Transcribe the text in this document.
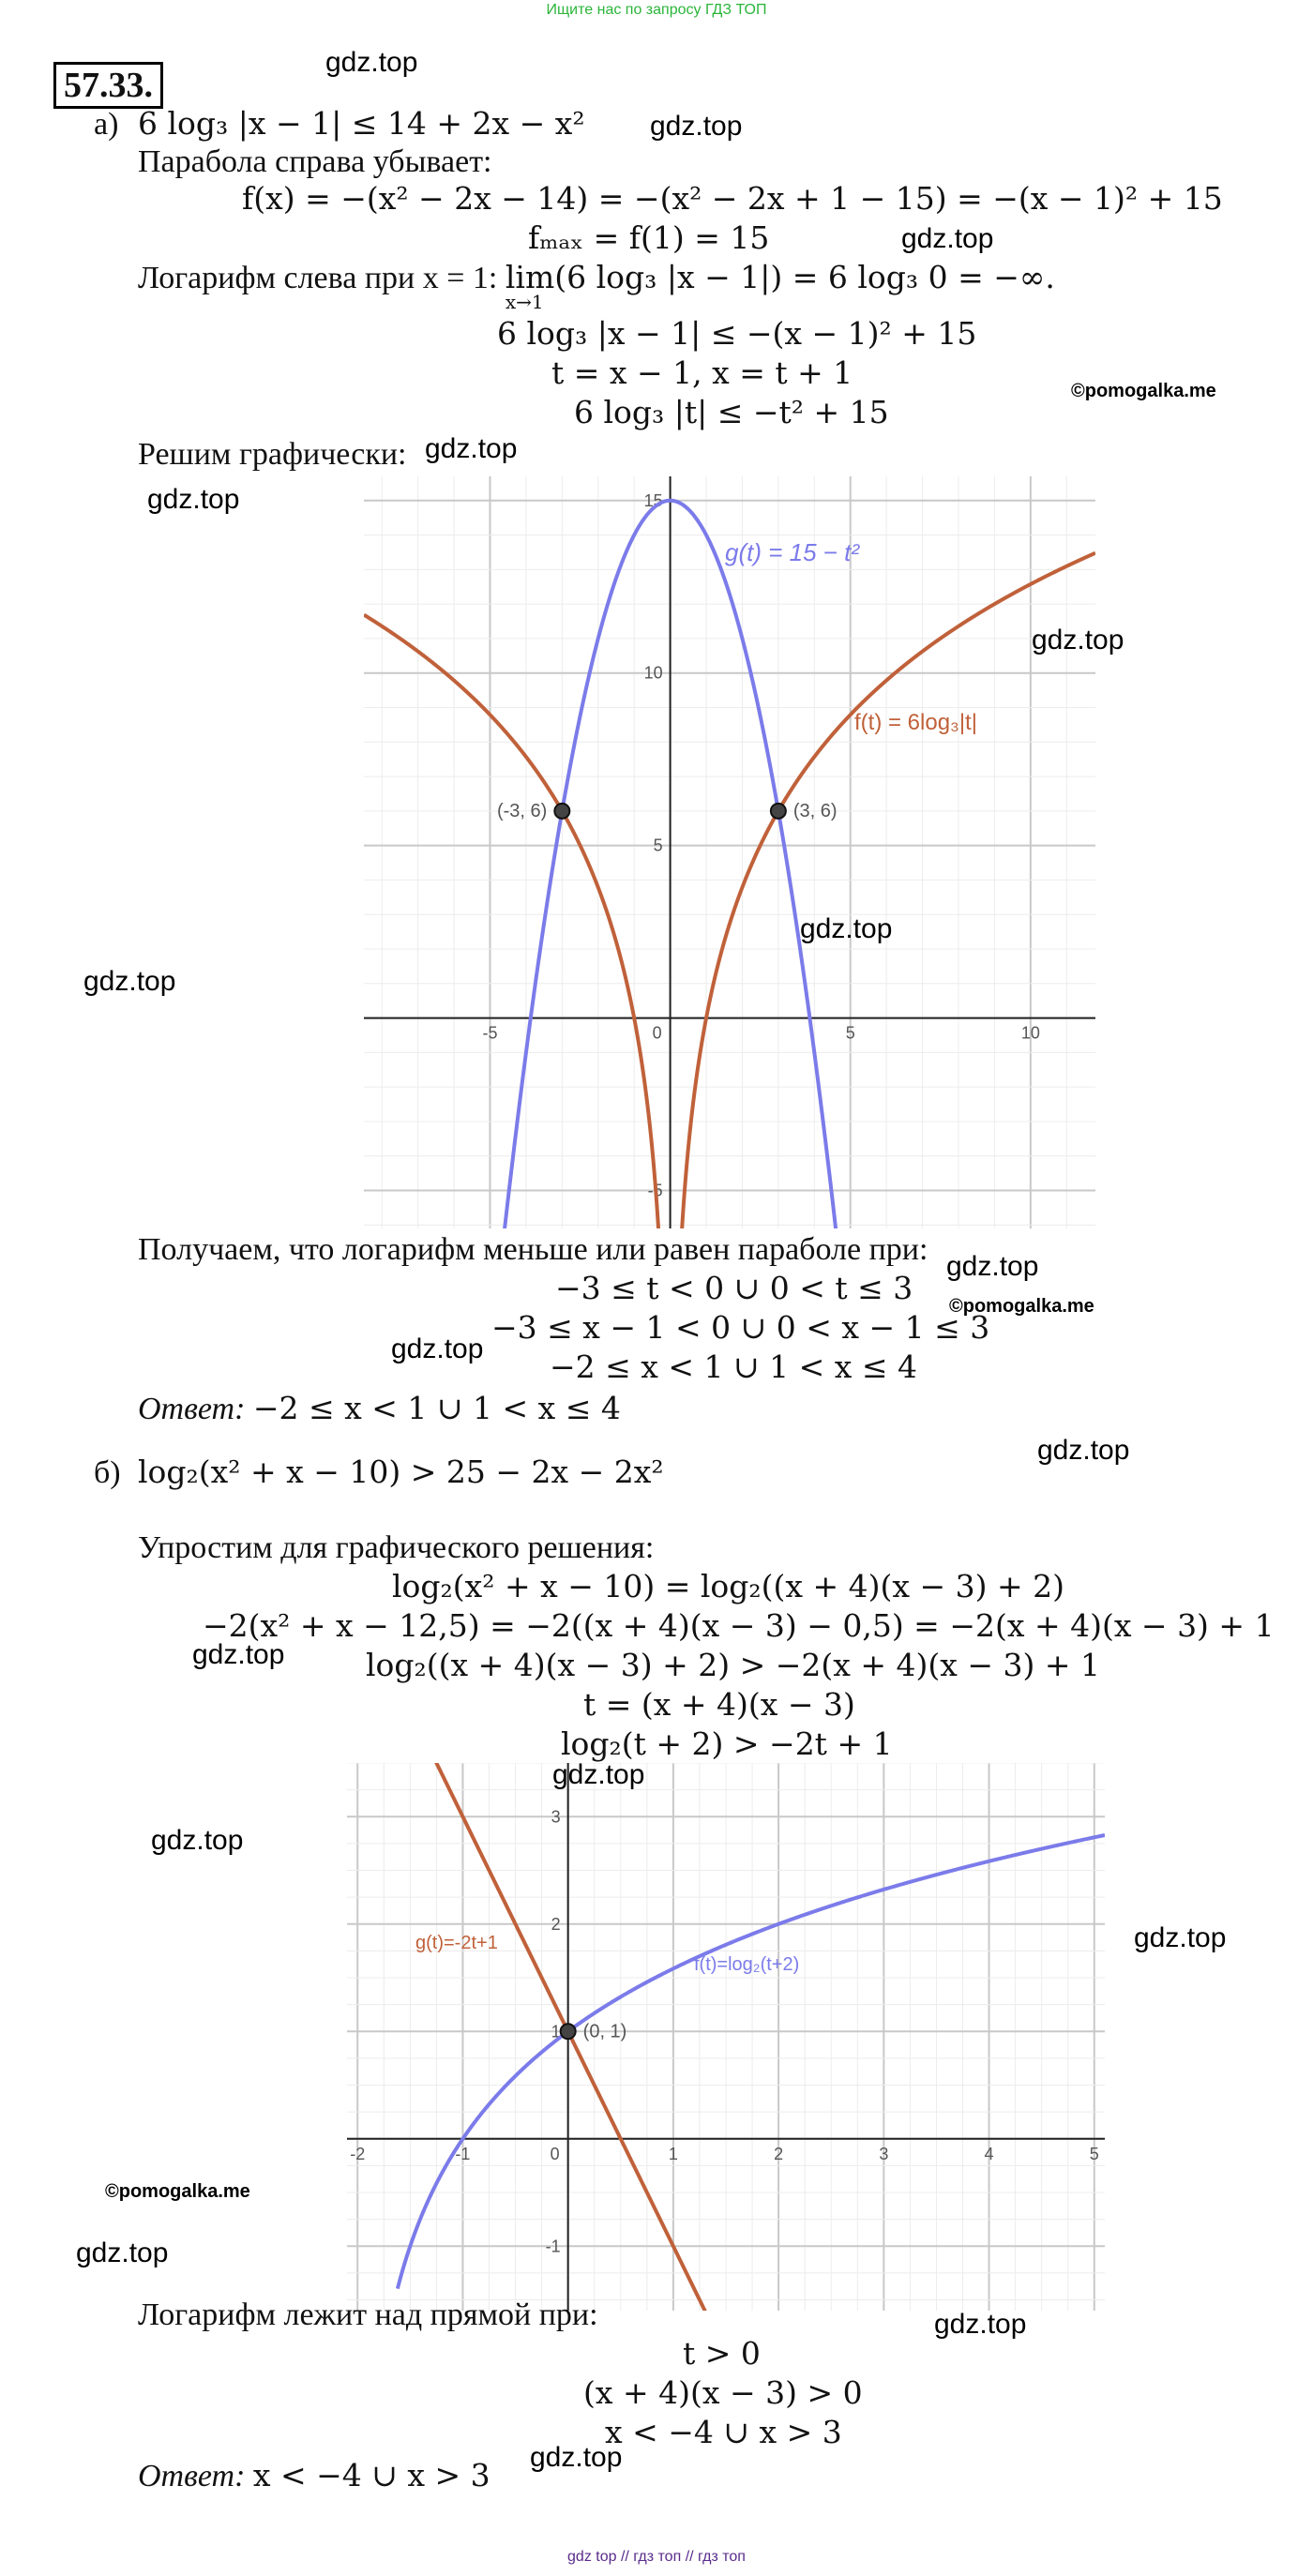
Ищите нас по запросу ГДЗ ТОП
57.33.
а) 6 log₃ |x − 1| ≤ 14 + 2x − x²
Парабола справа убывает:
f(x) = −(x² − 2x − 14) = −(x² − 2x + 1 − 15) = −(x − 1)² + 15
fₘₐₓ = f(1) = 15
Логарифм слева при x = 1: lim
x→1
(6 log₃ |x − 1|) = 6 log₃ 0 = −∞.
6 log₃ |x − 1| ≤ −(x − 1)² + 15
t = x − 1, x = t + 1
6 log₃ |t| ≤ −t² + 15
Решим графически:
-5	0	5	10
-5
5
10
15
(-3, 6)	(3, 6)
g(t) = 15 − t²
f(t) = 6log₃|t|
Получаем, что логарифм меньше или равен параболе при:
−3 ≤ t < 0 ∪ 0 < t ≤ 3
−3 ≤ x − 1 < 0 ∪ 0 < x − 1 ≤ 3
−2 ≤ x < 1 ∪ 1 < x ≤ 4
Ответ: −2 ≤ x < 1 ∪ 1 < x ≤ 4
б) log₂(x² + x − 10) > 25 − 2x − 2x²
Упростим для графического решения:
log₂(x² + x − 10) = log₂((x + 4)(x − 3) + 2)
−2(x² + x − 12,5) = −2((x + 4)(x − 3) − 0,5) = −2(x + 4)(x − 3) + 1
log₂((x + 4)(x − 3) + 2) > −2(x + 4)(x − 3) + 1
t = (x + 4)(x − 3)
log₂(t + 2) > −2t + 1
-2	-1	0	1	2	3	4	5
-1
1
2
3
(0, 1)
g(t)=-2t+1
f(t)=log₂(t+2)
Логарифм лежит над прямой при:
t > 0
(x + 4)(x − 3) > 0
x < −4 ∪ x > 3
Ответ: x < −4 ∪ x > 3
gdz.top
gdz.top
gdz.top
©pomogalka.me
gdz.top
gdz.top
gdz.top
gdz.top
gdz.top
gdz.top
©pomogalka.me
gdz.top
gdz.top
gdz.top
gdz.top
gdz.top
gdz.top
©pomogalka.me
gdz.top
gdz.top
gdz.top
gdz top // гдз топ // гдз топ
